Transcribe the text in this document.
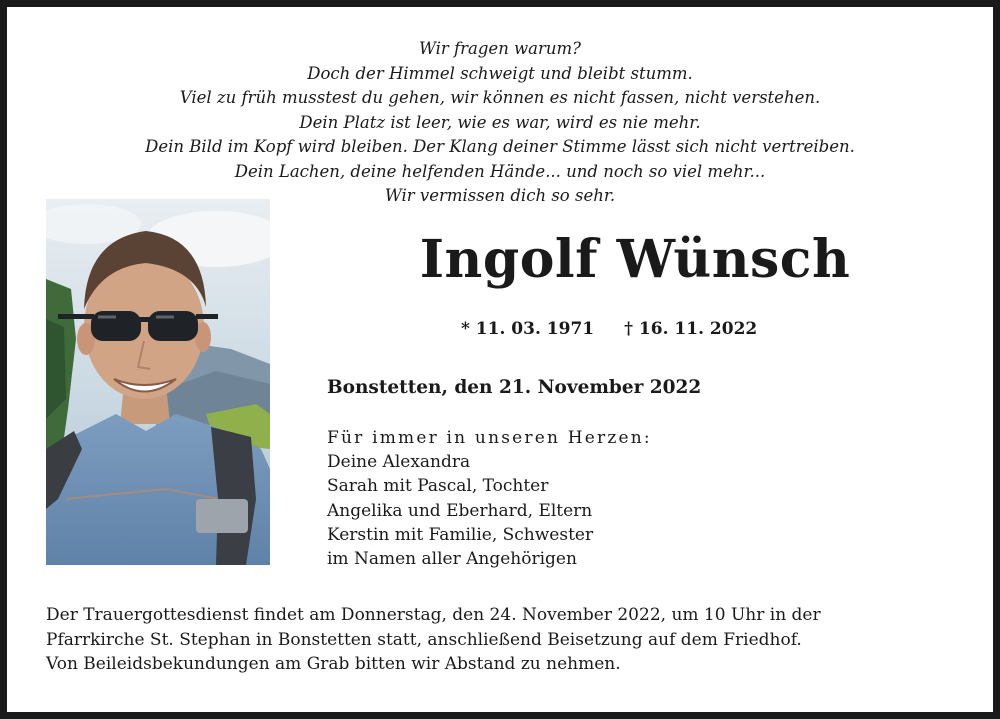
Wir fragen warum?
Doch der Himmel schweigt und bleibt stumm.
Viel zu früh musstest du gehen, wir können es nicht fassen, nicht verstehen.
Dein Platz ist leer, wie es war, wird es nie mehr.
Dein Bild im Kopf wird bleiben. Der Klang deiner Stimme lässt sich nicht vertreiben.
Dein Lachen, deine helfenden Hände... und noch so viel mehr...
Wir vermissen dich so sehr.
Ingolf Wünsch
* 11. 03. 1971 † 16. 11. 2022
Bonstetten, den 21. November 2022
Für immer in unseren Herzen:
Deine Alexandra
Sarah mit Pascal, Tochter
Angelika und Eberhard, Eltern
Kerstin mit Familie, Schwester
im Namen aller Angehörigen
Der Trauergottesdienst findet am Donnerstag, den 24. November 2022, um 10 Uhr in der
Pfarrkirche St. Stephan in Bonstetten statt, anschließend Beisetzung auf dem Friedhof.
Von Beileidsbekundungen am Grab bitten wir Abstand zu nehmen.
